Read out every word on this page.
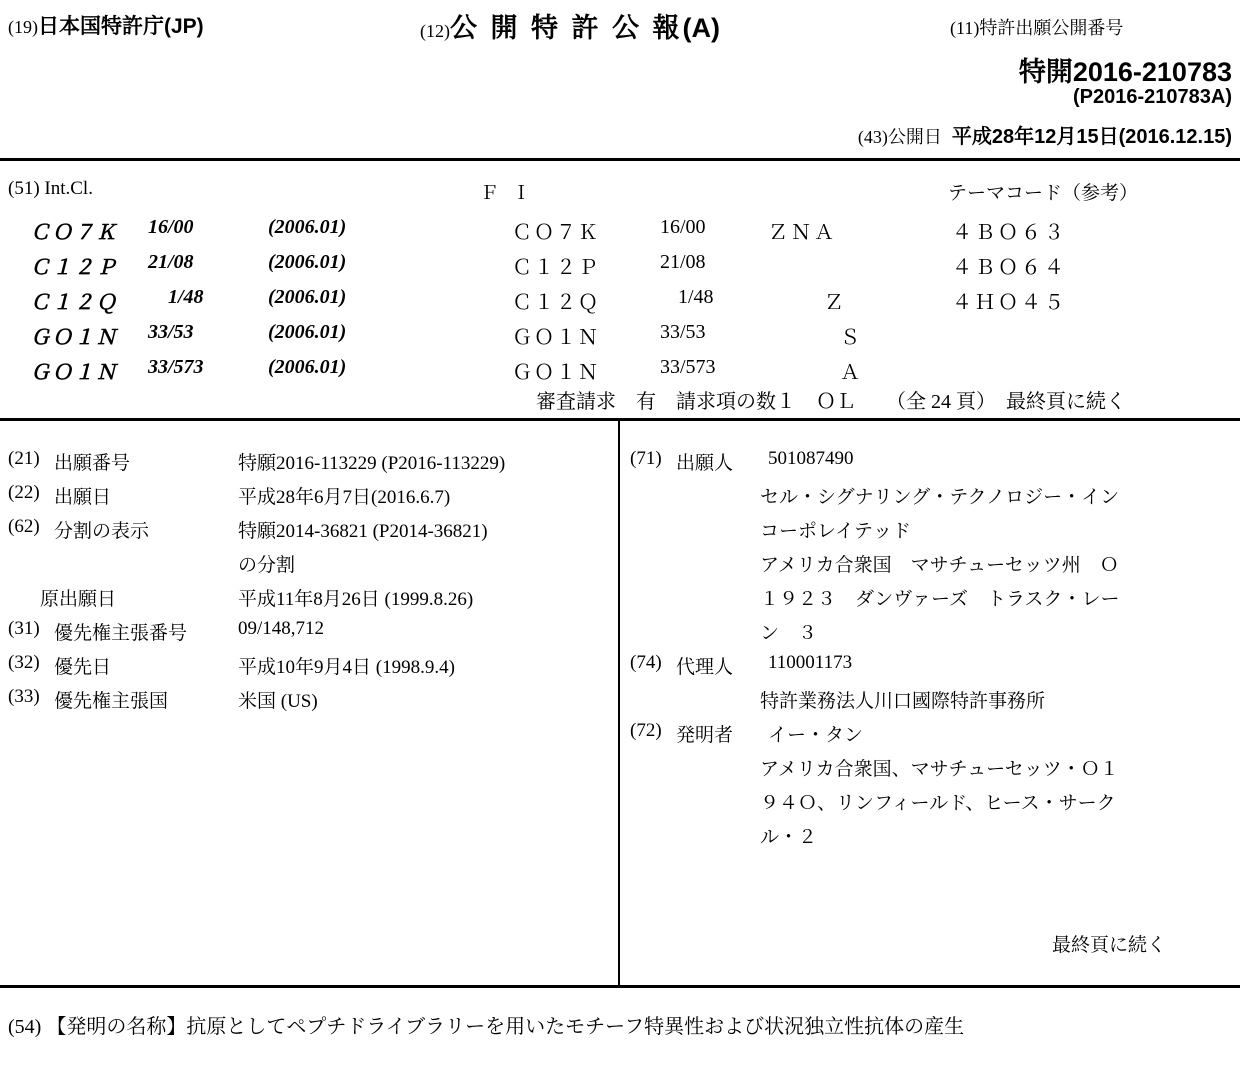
(19)日本国特許庁(JP)	(12)公 開 特 許 公 報(A)	(11)特許出願公開番号
特開2016-210783
(P2016-210783A)
(43)公開日 平成28年12月15日(2016.12.15)
(51) Int.Cl.	Ｆ Ｉ	テーマコード（参考）
ＣＯ７Ｋ 16/00	(2006.01)	ＣＯ７Ｋ	16/00	ＺＮＡ	４ＢＯ６３
Ｃ１２Ｐ 21/08	(2006.01)	Ｃ１２Ｐ	21/08	４ＢＯ６４
Ｃ１２Ｑ	1/48	(2006.01)	Ｃ１２Ｑ	1/48	Ｚ	４ＨＯ４５
ＧＯ１Ｎ 33/53	(2006.01)	ＧＯ１Ｎ	33/53	Ｓ
ＧＯ１Ｎ 33/573	(2006.01)	ＧＯ１Ｎ	33/573	Ａ
審査請求　有　請求項の数１　ＯＬ　　（全 24 頁）　最終頁に続く
(21) 出願番号	特願2016-113229 (P2016-113229)
(22) 出願日	平成28年6月7日(2016.6.7)
(62) 分割の表示	特願2014-36821 (P2014-36821)
の分割
原出願日	平成11年8月26日 (1999.8.26)
(31) 優先権主張番号	09/148,712
(32) 優先日	平成10年9月4日 (1998.9.4)
(33) 優先権主張国	米国 (US)
(71) 出願人 501087490
セル・シグナリング・テクノロジー・イン
コーポレイテッド
アメリカ合衆国　マサチューセッツ州　Ｏ
１９２３　ダンヴァーズ　トラスク・レー
ン　３
(74) 代理人 110001173
特許業務法人川口國際特許事務所
(72) 発明者 イー・タン
アメリカ合衆国、マサチューセッツ・Ｏ１
９４Ｏ、リンフィールド、ヒース・サーク
ル・２
最終頁に続く
(54) 【発明の名称】抗原としてペプチドライブラリーを用いたモチーフ特異性および状況独立性抗体の産生
